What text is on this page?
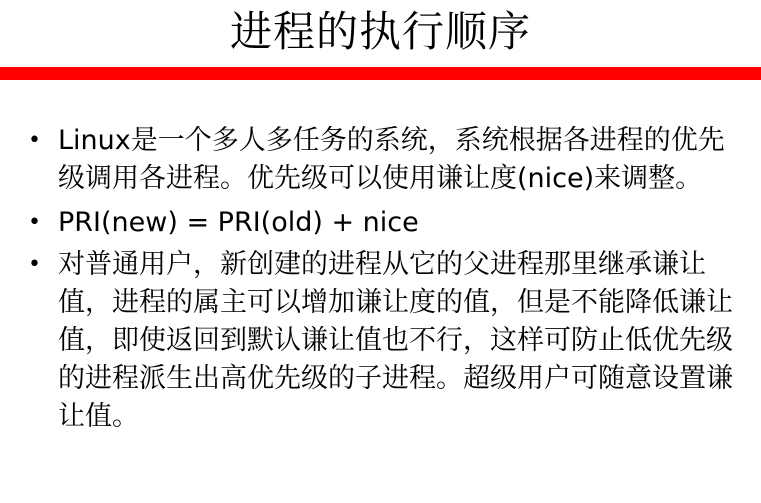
进程的执行顺序
• Linux是一个多人多任务的系统，系统根据各进程的优先级调用各进程。优先级可以使用谦让度(nice)来调整。
• PRI(new) = PRI(old) + nice
• 对普通用户，新创建的进程从它的父进程那里继承谦让值，进程的属主可以增加谦让度的值，但是不能降低谦让值，即使返回到默认谦让值也不行，这样可防止低优先级的进程派生出高优先级的子进程。超级用户可随意设置谦让值。
